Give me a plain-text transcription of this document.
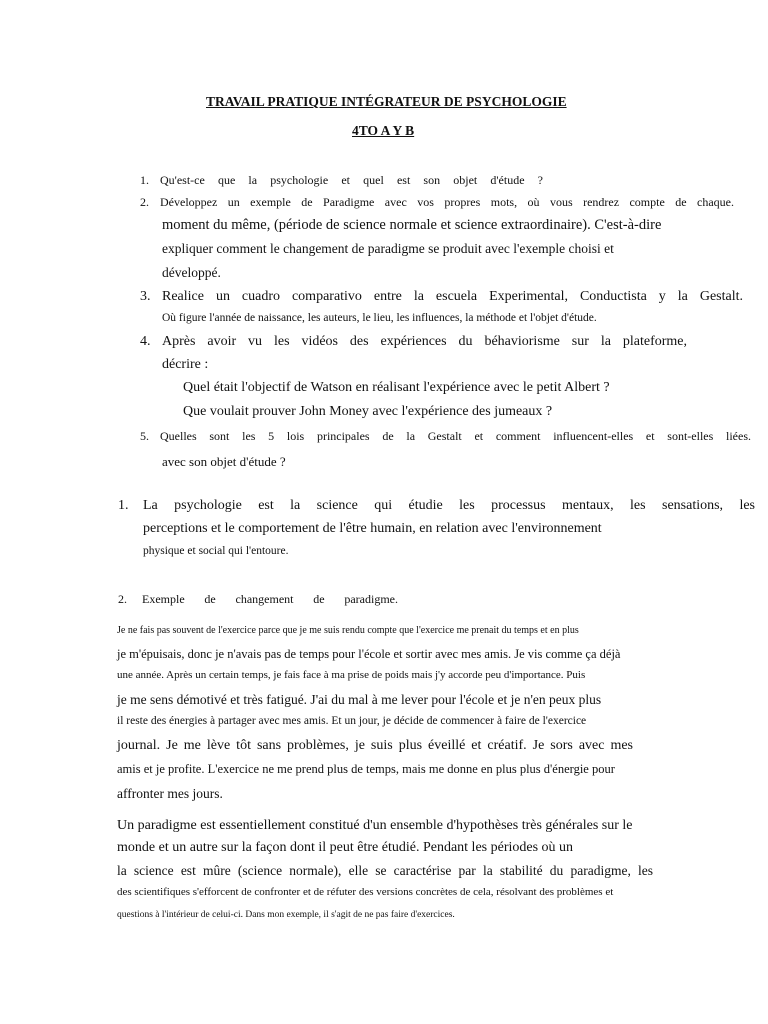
TRAVAIL PRATIQUE INTÉGRATEUR DE PSYCHOLOGIE
4TO A Y B
1. Qu'est-ce que la psychologie et quel est son objet d'étude ?
2. Développez un exemple de Paradigme avec vos propres mots, où vous rendrez compte de chaque.
moment du même, (période de science normale et science extraordinaire). C'est-à-dire
expliquer comment le changement de paradigme se produit avec l'exemple choisi et
développé.
3. Realice un cuadro comparativo entre la escuela Experimental, Conductista y la Gestalt.
Où figure l'année de naissance, les auteurs, le lieu, les influences, la méthode et l'objet d'étude.
4. Après avoir vu les vidéos des expériences du béhaviorisme sur la plateforme,
décrire :
Quel était l'objectif de Watson en réalisant l'expérience avec le petit Albert ?
Que voulait prouver John Money avec l'expérience des jumeaux ?
5. Quelles sont les 5 lois principales de la Gestalt et comment influencent-elles et sont-elles liées.
avec son objet d'étude ?
1. La psychologie est la science qui étudie les processus mentaux, les sensations, les
perceptions et le comportement de l'être humain, en relation avec l'environnement
physique et social qui l'entoure.
2. Exemple de changement de paradigme.
Je ne fais pas souvent de l'exercice parce que je me suis rendu compte que l'exercice me prenait du temps et en plus
je m'épuisais, donc je n'avais pas de temps pour l'école et sortir avec mes amis. Je vis comme ça déjà
une année. Après un certain temps, je fais face à ma prise de poids mais j'y accorde peu d'importance. Puis
je me sens démotivé et très fatigué. J'ai du mal à me lever pour l'école et je n'en peux plus
il reste des énergies à partager avec mes amis. Et un jour, je décide de commencer à faire de l'exercice
journal. Je me lève tôt sans problèmes, je suis plus éveillé et créatif. Je sors avec mes
amis et je profite. L'exercice ne me prend plus de temps, mais me donne en plus plus d'énergie pour
affronter mes jours.
Un paradigme est essentiellement constitué d'un ensemble d'hypothèses très générales sur le
monde et un autre sur la façon dont il peut être étudié. Pendant les périodes où un
la science est mûre (science normale), elle se caractérise par la stabilité du paradigme, les
des scientifiques s'efforcent de confronter et de réfuter des versions concrètes de cela, résolvant des problèmes et
questions à l'intérieur de celui-ci. Dans mon exemple, il s'agit de ne pas faire d'exercices.
